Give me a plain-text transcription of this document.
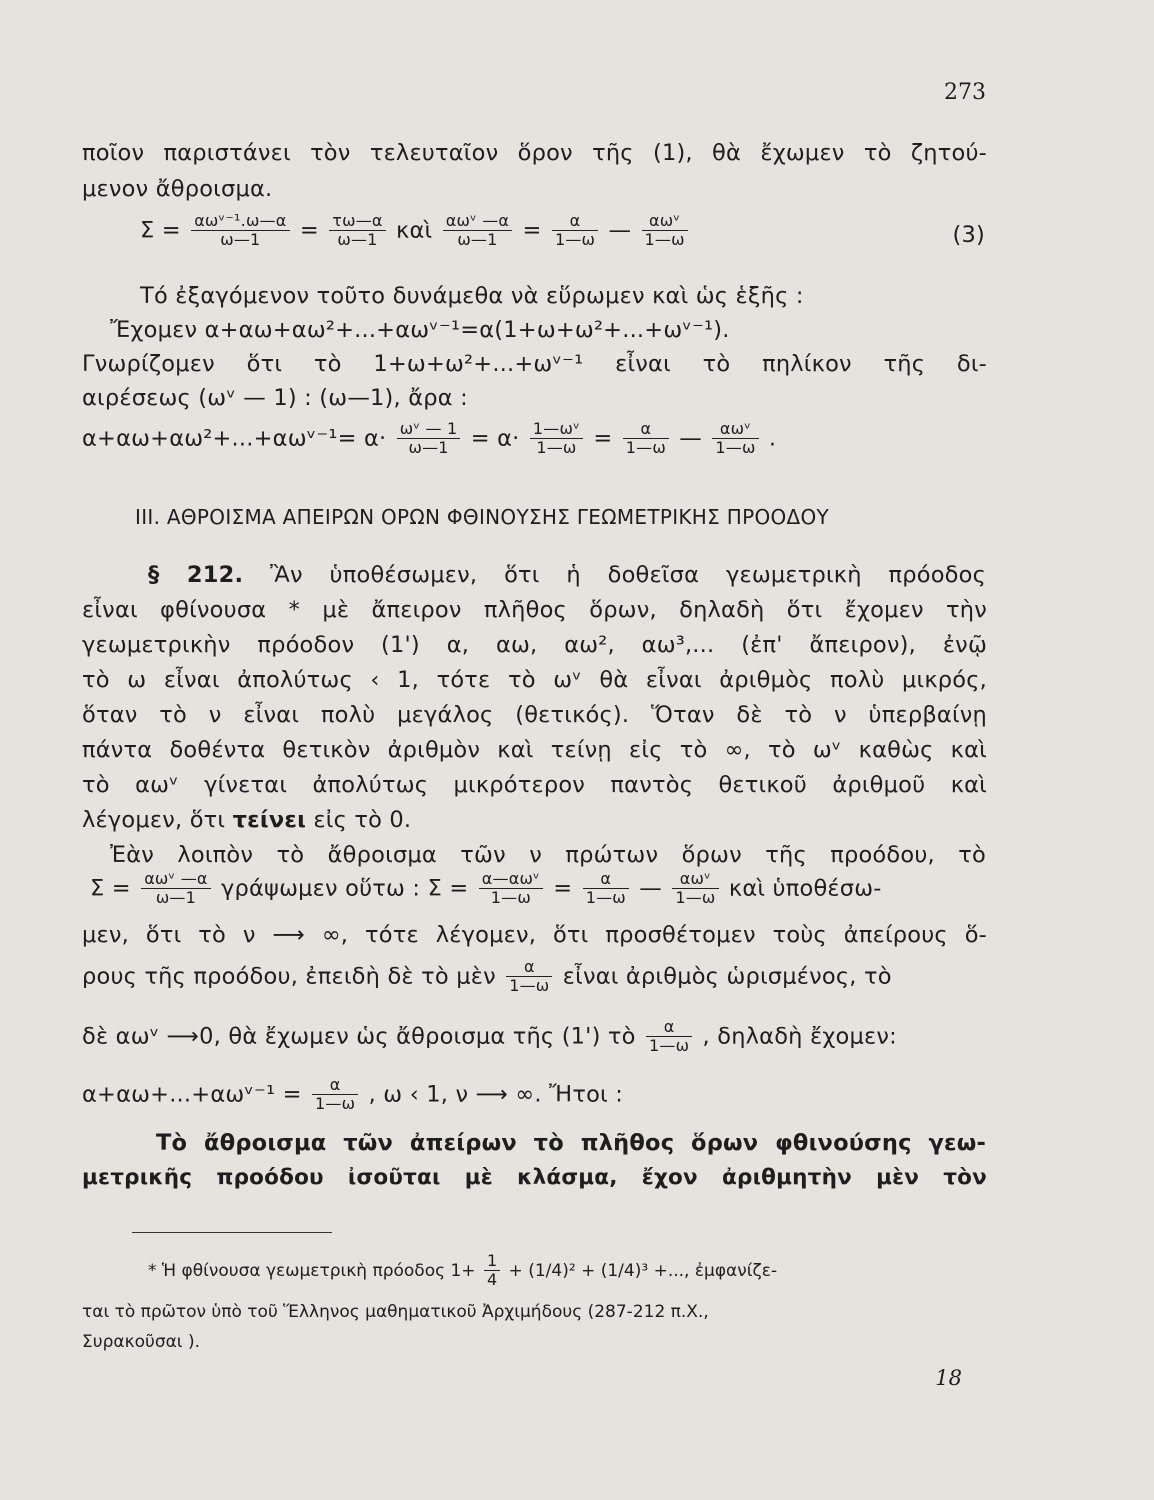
273
ποῖον παριστάνει τὸν τελευταῖον ὅρον τῆς (1), θὰ ἔχωμεν τὸ ζητού-
μενον ἄθροισμα.
$\Sigma = \frac{\text{αωᵛ⁻¹.ω—α}}{\omega—1} = \frac{\tau\omega—\alpha}{\omega—1}$ καὶ $\frac{\text{αωᵛ —α}}{\omega—1} = \frac{\alpha}{1—\omega}$ — $\frac{\text{αωᵛ}}{1—\omega}$	(3)
Τό ἐξαγόμενον τοῦτο δυνάμεθα νὰ εὕρωμεν καὶ ὡς ἑξῆς :
Ἔχομεν α+αω+αω²+...+αωᵛ⁻¹=α(1+ω+ω²+...+ωᵛ⁻¹).
Γνωρίζομεν ὅτι τὸ 1+ω+ω²+...+ωᵛ⁻¹ εἶναι τὸ πηλίκον τῆς δι-
αιρέσεως (ωᵛ — 1) : (ω—1), ἄρα :
α+αω+αω²+...+αωᵛ⁻¹= $\alpha\cdot \frac{\text{ωᵛ — 1}}{\omega—1} = \alpha\cdot \frac{\text{1—ωᵛ}}{1—\omega} = \frac{\alpha}{1—\omega}$ — $\frac{\text{αωᵛ}}{1—\omega}$ .
III. ΑΘΡΟΙΣΜΑ ΑΠΕΙΡΩΝ ΟΡΩΝ ΦΘΙΝΟΥΣΗΣ ΓΕΩΜΕΤΡΙΚΗΣ ΠΡΟΟΔΟΥ
§ 212. Ἂν ὑποθέσωμεν, ὅτι ἡ δοθεῖσα γεωμετρικὴ πρόοδος
εἶναι φθίνουσα * μὲ ἄπειρον πλῆθος ὅρων, δηλαδὴ ὅτι ἔχομεν τὴν
γεωμετρικὴν πρόοδον (1') α, αω, αω², αω³,... (ἐπ' ἄπειρον), ἐνῷ
τὸ ω εἶναι ἀπολύτως ‹ 1, τότε τὸ ωᵛ θὰ εἶναι ἀριθμὸς πολὺ μικρός,
ὅταν τὸ ν εἶναι πολὺ μεγάλος (θετικός). Ὅταν δὲ τὸ ν ὑπερβαίνῃ
πάντα δοθέντα θετικὸν ἀριθμὸν καὶ τείνῃ εἰς τὸ ∞, τὸ ωᵛ καθὼς καὶ
τὸ αωᵛ γίνεται ἀπολύτως μικρότερον παντὸς θετικοῦ ἀριθμοῦ καὶ
λέγομεν, ὅτι τείνει εἰς τὸ 0.
Ἐὰν λοιπὸν τὸ ἄθροισμα τῶν ν πρώτων ὅρων τῆς προόδου, τὸ
$\Sigma = \frac{\text{αωᵛ —α}}{\omega—1}$ γράψωμεν οὕτω : $\Sigma = \frac{\text{α—αωᵛ}}{1—\omega} = \frac{\alpha}{1—\omega}$ — $\frac{\text{αωᵛ}}{1—\omega}$ καὶ ὑποθέσω-
μεν, ὅτι τὸ ν ⟶ ∞, τότε λέγομεν, ὅτι προσθέτομεν τοὺς ἀπείρους ὅ-
ρους τῆς προόδου, ἐπειδὴ δὲ τὸ μὲν $\frac{\alpha}{1—\omega}$ εἶναι ἀριθμὸς ὡρισμένος, τὸ
δὲ αωᵛ ⟶0, θὰ ἔχωμεν ὡς ἄθροισμα τῆς (1') τὸ $\frac{\alpha}{1—\omega}$ , δηλαδὴ ἔχομεν:
α+αω+...+αωᵛ⁻¹ = $\frac{\alpha}{1—\omega}$ , ω ‹ 1, ν ⟶ ∞. Ἤτοι :
Τὸ ἄθροισμα τῶν ἀπείρων τὸ πλῆθος ὅρων φθινούσης γεω-
μετρικῆς προόδου ἰσοῦται μὲ κλάσμα, ἔχον ἀριθμητὴν μὲν τὸν
* Ἡ φθίνουσα γεωμετρικὴ πρόοδος $1+ \frac{1}{4} + (1/4)^2 + (1/4)^3$ +..., ἐμφανίζε-
ται τὸ πρῶτον ὑπὸ τοῦ Ἕλληνος μαθηματικοῦ Ἀρχιμήδους (287-212 π.Χ.,
Συρακοῦσαι ).
18
